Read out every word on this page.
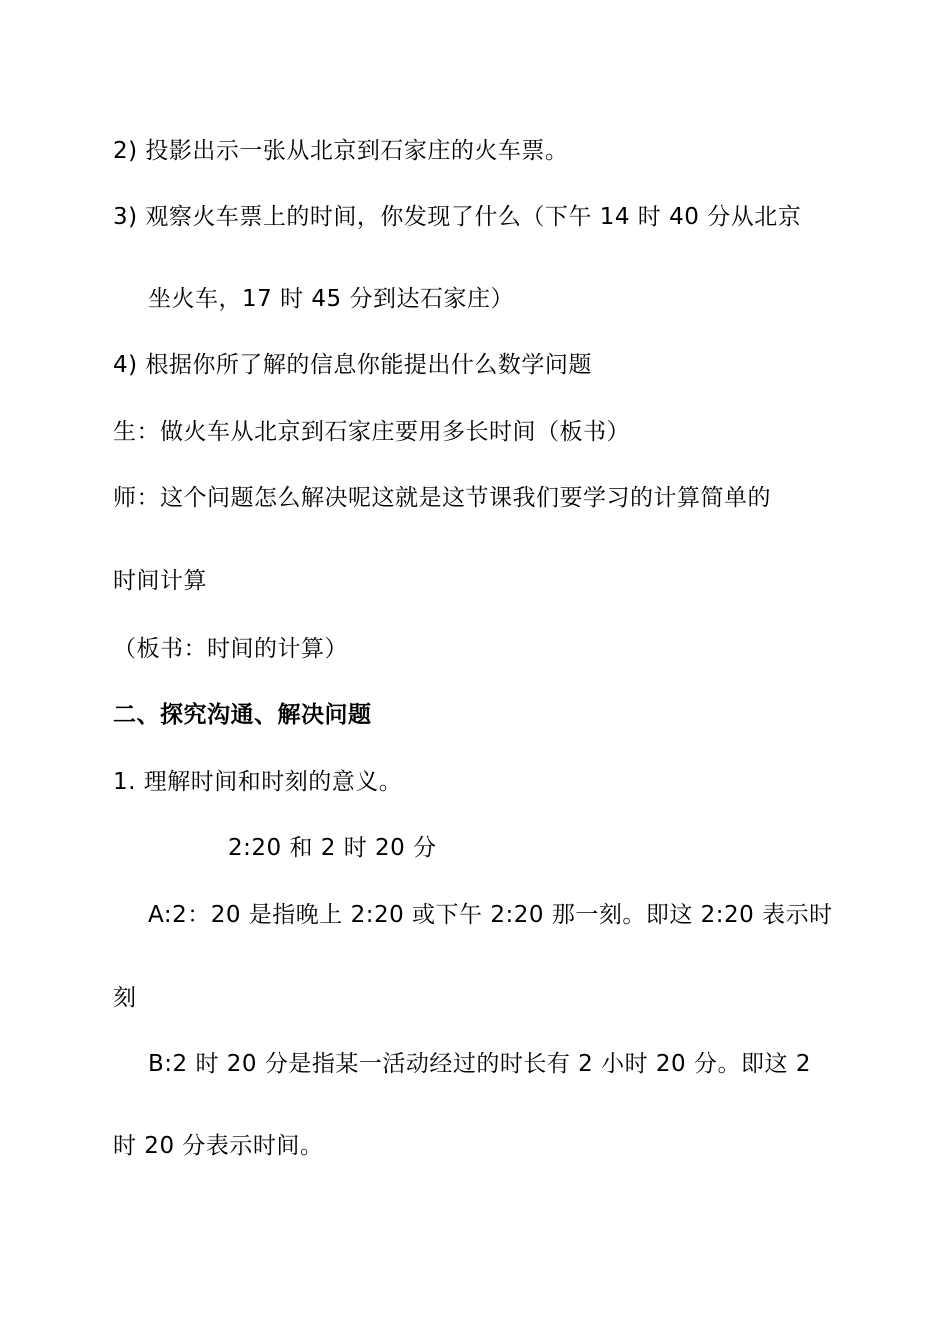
2) 投影出示一张从北京到石家庄的火车票。
3) 观察火车票上的时间，你发现了什么（下午 14 时 40 分从北京
坐火车，17 时 45 分到达石家庄）
4) 根据你所了解的信息你能提出什么数学问题
生：做火车从北京到石家庄要用多长时间（板书）
师：这个问题怎么解决呢这就是这节课我们要学习的计算简单的
时间计算
（板书：时间的计算）
二、探究沟通、解决问题
1. 理解时间和时刻的意义。
2:20 和 2 时 20 分
A:2：20 是指晚上 2:20 或下午 2:20 那一刻。即这 2:20 表示时
刻
B:2 时 20 分是指某一活动经过的时长有 2 小时 20 分。即这 2
时 20 分表示时间。
